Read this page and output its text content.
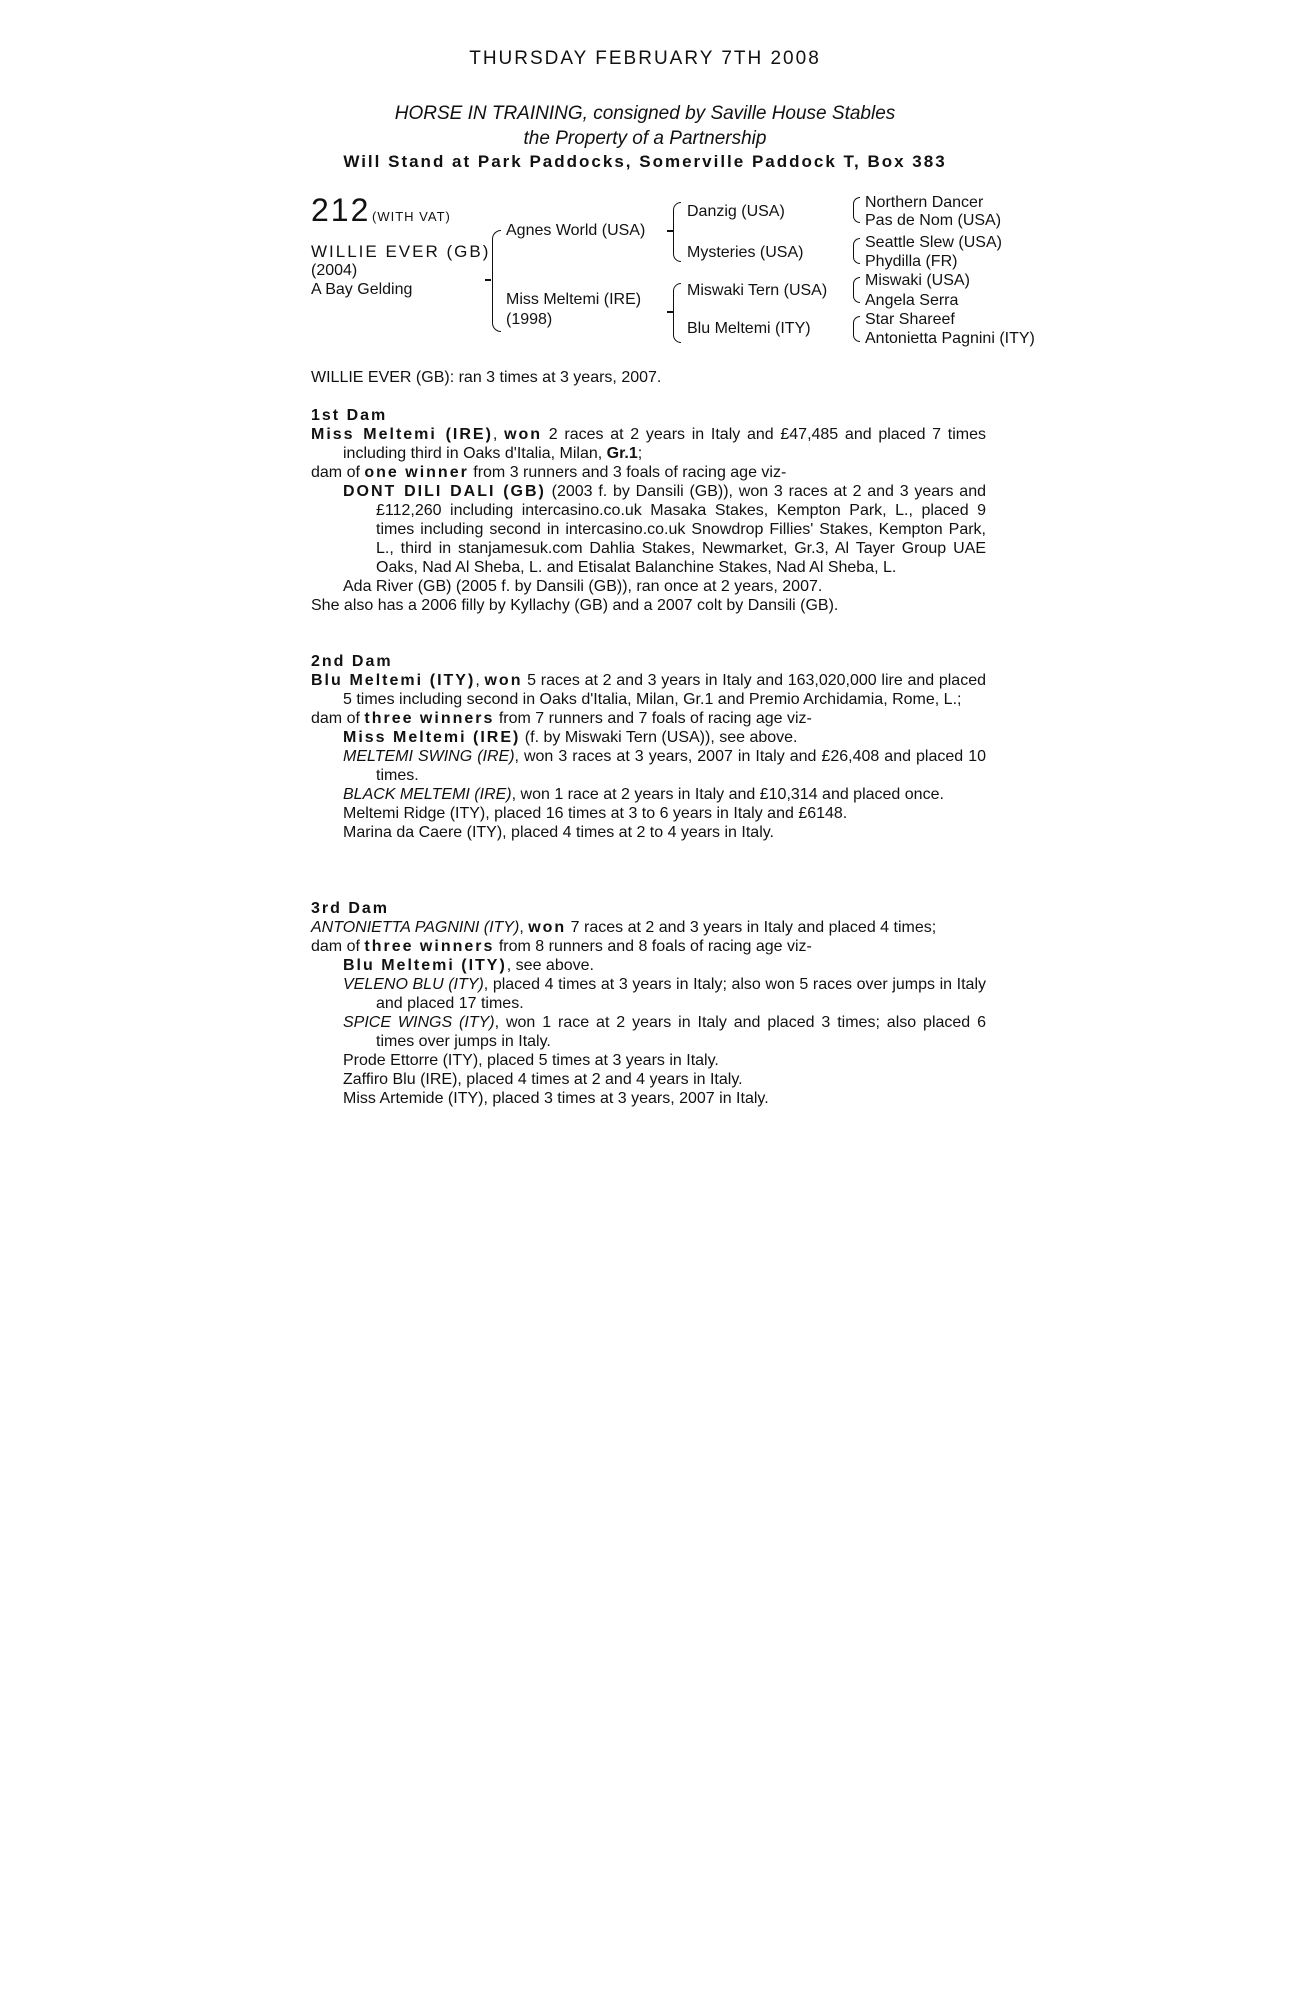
THURSDAY FEBRUARY 7TH 2008
HORSE IN TRAINING, consigned by Saville House Stables
the Property of a Partnership
Will Stand at Park Paddocks, Somerville Paddock T, Box 383
212 (WITH VAT)
WILLIE EVER (GB)
(2004)
A Bay Gelding
Agnes World (USA)
Miss Meltemi (IRE)
(1998)
Danzig (USA)
Mysteries (USA)
Miswaki Tern (USA)
Blu Meltemi (ITY)
Northern Dancer
Pas de Nom (USA)
Seattle Slew (USA)
Phydilla (FR)
Miswaki (USA)
Angela Serra
Star Shareef
Antonietta Pagnini (ITY)
WILLIE EVER (GB): ran 3 times at 3 years, 2007.

1st Dam

Miss Meltemi (IRE), won 2 races at 2 years in Italy and £47,485 and placed 7 times including third in Oaks d'Italia, Milan, Gr.1;

dam of one winner from 3 runners and 3 foals of racing age viz-

DONT DILI DALI (GB) (2003 f. by Dansili (GB)), won 3 races at 2 and 3 years and £112,260 including intercasino.co.uk Masaka Stakes, Kempton Park, L., placed 9 times including second in intercasino.co.uk Snowdrop Fillies' Stakes, Kempton Park, L., third in stanjamesuk.com Dahlia Stakes, Newmarket, Gr.3, Al Tayer Group UAE Oaks, Nad Al Sheba, L. and Etisalat Balanchine Stakes, Nad Al Sheba, L.

Ada River (GB) (2005 f. by Dansili (GB)), ran once at 2 years, 2007.

She also has a 2006 filly by Kyllachy (GB) and a 2007 colt by Dansili (GB).

2nd Dam

Blu Meltemi (ITY), won 5 races at 2 and 3 years in Italy and 163,020,000 lire and placed 5 times including second in Oaks d'Italia, Milan, Gr.1 and Premio Archidamia, Rome, L.;

dam of three winners from 7 runners and 7 foals of racing age viz-

Miss Meltemi (IRE) (f. by Miswaki Tern (USA)), see above.

MELTEMI SWING (IRE), won 3 races at 3 years, 2007 in Italy and £26,408 and placed 10 times.

BLACK MELTEMI (IRE), won 1 race at 2 years in Italy and £10,314 and placed once.

Meltemi Ridge (ITY), placed 16 times at 3 to 6 years in Italy and £6148.

Marina da Caere (ITY), placed 4 times at 2 to 4 years in Italy.

3rd Dam

ANTONIETTA PAGNINI (ITY), won 7 races at 2 and 3 years in Italy and placed 4 times;

dam of three winners from 8 runners and 8 foals of racing age viz-

Blu Meltemi (ITY), see above.

VELENO BLU (ITY), placed 4 times at 3 years in Italy; also won 5 races over jumps in Italy and placed 17 times.

SPICE WINGS (ITY), won 1 race at 2 years in Italy and placed 3 times; also placed 6 times over jumps in Italy.

Prode Ettorre (ITY), placed 5 times at 3 years in Italy.

Zaffiro Blu (IRE), placed 4 times at 2 and 4 years in Italy.

Miss Artemide (ITY), placed 3 times at 3 years, 2007 in Italy.
